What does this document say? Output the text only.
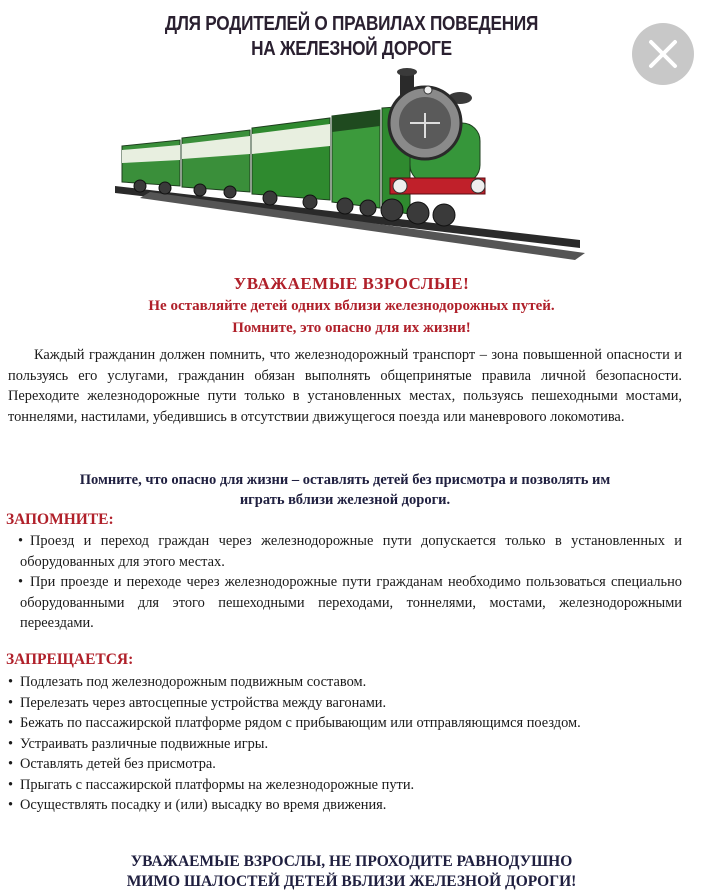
ДЛЯ РОДИТЕЛЕЙ О ПРАВИЛАХ ПОВЕДЕНИЯ
НА ЖЕЛЕЗНОЙ ДОРОГЕ
УВАЖАЕМЫЕ ВЗРОСЛЫЕ!
Не оставляйте детей одних вблизи железнодорожных путей.
Помните, это опасно для их жизни!
Каждый гражданин должен помнить, что железнодорожный транспорт – зона повышенной опасности и пользуясь его услугами, гражданин обязан выполнять общепринятые правила личной безопасности. Переходите железнодорожные пути только в установленных местах, пользуясь пешеходными мостами, тоннелями, настилами, убедившись в отсутствии движущегося поезда или маневрового локомотива.
Помните, что опасно для жизни – оставлять детей без присмотра и позволять им
играть вблизи железной дороги.
ЗАПОМНИТЕ:
• Проезд и переход граждан через железнодорожные пути допускается только в установленных и оборудованных для этого местах.
• При проезде и переходе через железнодорожные пути гражданам необходимо пользоваться специально оборудованными для этого пешеходными переходами, тоннелями, мостами, железнодорожными переездами.
ЗАПРЕЩАЕТСЯ:
• Подлезать под железнодорожным подвижным составом.
• Перелезать через автосцепные устройства между вагонами.
• Бежать по пассажирской платформе рядом с прибывающим или отправляющимся поездом.
• Устраивать различные подвижные игры.
• Оставлять детей без присмотра.
• Прыгать с пассажирской платформы на железнодорожные пути.
• Осуществлять посадку и (или) высадку во время движения.
УВАЖАЕМЫЕ ВЗРОСЛЫ, НЕ ПРОХОДИТЕ РАВНОДУШНО
МИМО ШАЛОСТЕЙ ДЕТЕЙ ВБЛИЗИ ЖЕЛЕЗНОЙ ДОРОГИ!
